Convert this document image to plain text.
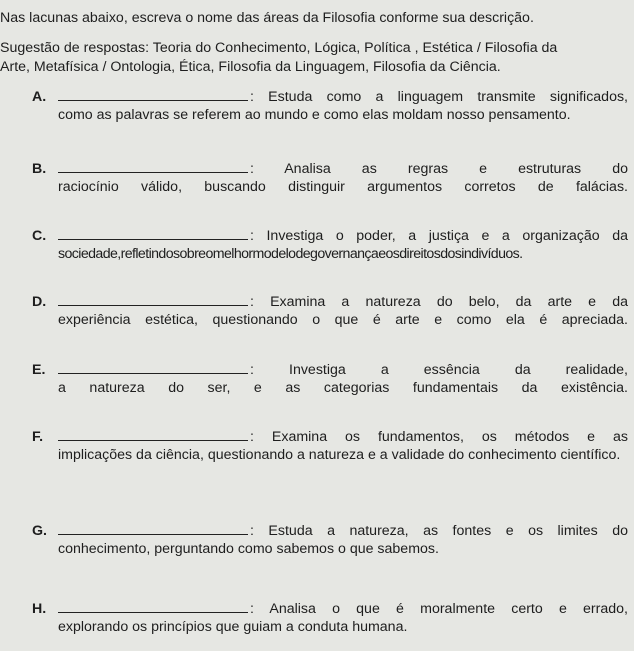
Nas lacunas abaixo, escreva o nome das áreas da Filosofia conforme sua descrição.
Sugestão de respostas: Teoria do Conhecimento, Lógica, Política , Estética / Filosofia da
Arte, Metafísica / Ontologia, Ética, Filosofia da Linguagem, Filosofia da Ciência.
A.	: Estuda como a linguagem transmite significados,
como as palavras se referem ao mundo e como elas moldam nosso pensamento.
B.	: Analisa as regras e estruturas do
raciocínio válido, buscando distinguir argumentos corretos de falácias.
C.	: Investiga o poder, a justiça e a organização da
sociedade,refletindosobreomelhormodelodegovernançaeosdireitosdosindivíduos.
D.	: Examina a natureza do belo, da arte e da
experiência estética, questionando o que é arte e como ela é apreciada.
E.	: Investiga a essência da realidade,
a natureza do ser, e as categorias fundamentais da existência.
F.	: Examina os fundamentos, os métodos e as
implicações da ciência, questionando a natureza e a validade do conhecimento científico.
G.	: Estuda a natureza, as fontes e os limites do
conhecimento, perguntando como sabemos o que sabemos.
H.	: Analisa o que é moralmente certo e errado,
explorando os princípios que guiam a conduta humana.
